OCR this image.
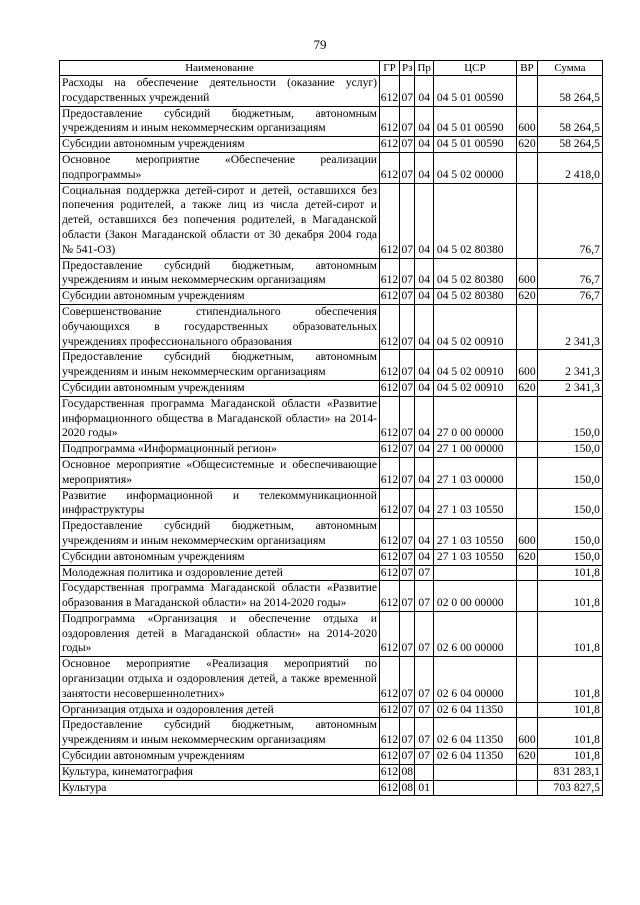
79
Наименование	ГР	Рз	Пр	ЦСР	ВР	Сумма
Расходы на обеспечение деятельности (оказание услуг) государственных учреждений	612	07	04	04 5 01 00590		58 264,5
Предоставление субсидий бюджетным, автономным учреждениям и иным некоммерческим организациям	612	07	04	04 5 01 00590	600	58 264,5
Субсидии автономным учреждениям	612	07	04	04 5 01 00590	620	58 264,5
Основное мероприятие «Обеспечение реализации подпрограммы»	612	07	04	04 5 02 00000		2 418,0
Социальная поддержка детей-сирот и детей, оставшихся без попечения родителей, а также лиц из числа детей-сирот и детей, оставшихся без попечения родителей, в Магаданской области (Закон Магаданской области от 30 декабря 2004 года № 541-ОЗ)	612	07	04	04 5 02 80380		76,7
Предоставление субсидий бюджетным, автономным учреждениям и иным некоммерческим организациям	612	07	04	04 5 02 80380	600	76,7
Субсидии автономным учреждениям	612	07	04	04 5 02 80380	620	76,7
Совершенствование стипендиального обеспечения обучающихся в государственных образовательных учреждениях профессионального образования	612	07	04	04 5 02 00910		2 341,3
Предоставление субсидий бюджетным, автономным учреждениям и иным некоммерческим организациям	612	07	04	04 5 02 00910	600	2 341,3
Субсидии автономным учреждениям	612	07	04	04 5 02 00910	620	2 341,3
Государственная программа Магаданской области «Развитие информационного общества в Магаданской области» на 2014-2020 годы»	612	07	04	27 0 00 00000		150,0
Подпрограмма «Информационный регион»	612	07	04	27 1 00 00000		150,0
Основное мероприятие «Общесистемные и обеспечивающие мероприятия»	612	07	04	27 1 03 00000		150,0
Развитие информационной и телекоммуникационной инфраструктуры	612	07	04	27 1 03 10550		150,0
Предоставление субсидий бюджетным, автономным учреждениям и иным некоммерческим организациям	612	07	04	27 1 03 10550	600	150,0
Субсидии автономным учреждениям	612	07	04	27 1 03 10550	620	150,0
Молодежная политика и оздоровление детей	612	07	07			101,8
Государственная программа Магаданской области «Развитие образования в Магаданской области» на 2014-2020 годы»	612	07	07	02 0 00 00000		101,8
Подпрограмма «Организация и обеспечение отдыха и оздоровления детей в Магаданской области» на 2014-2020 годы»	612	07	07	02 6 00 00000		101,8
Основное мероприятие «Реализация мероприятий по организации отдыха и оздоровления детей, а также временной занятости несовершеннолетних»	612	07	07	02 6 04 00000		101,8
Организация отдыха и оздоровления детей	612	07	07	02 6 04 11350		101,8
Предоставление субсидий бюджетным, автономным учреждениям и иным некоммерческим организациям	612	07	07	02 6 04 11350	600	101,8
Субсидии автономным учреждениям	612	07	07	02 6 04 11350	620	101,8
Культура, кинематография	612	08				831 283,1
Культура	612	08	01			703 827,5
